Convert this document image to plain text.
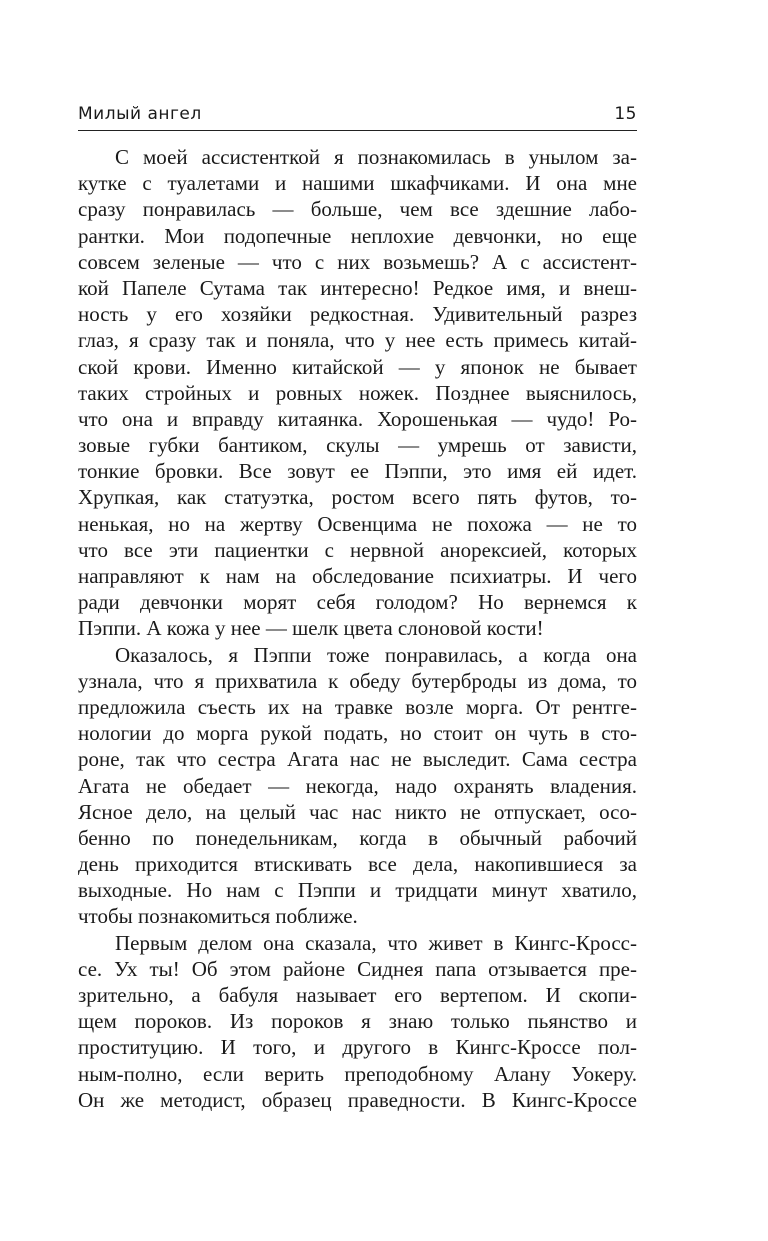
Милый ангел	15
С моей ассистенткой я познакомилась в унылом за-
кутке с туалетами и нашими шкафчиками. И она мне
сразу понравилась — больше, чем все здешние лабо-
рантки. Мои подопечные неплохие девчонки, но еще
совсем зеленые — что с них возьмешь? А с ассистент-
кой Папеле Сутама так интересно! Редкое имя, и внеш-
ность у его хозяйки редкостная. Удивительный разрез
глаз, я сразу так и поняла, что у нее есть примесь китай-
ской крови. Именно китайской — у японок не бывает
таких стройных и ровных ножек. Позднее выяснилось,
что она и вправду китаянка. Хорошенькая — чудо! Ро-
зовые губки бантиком, скулы — умрешь от зависти,
тонкие бровки. Все зовут ее Пэппи, это имя ей идет.
Хрупкая, как статуэтка, ростом всего пять футов, то-
ненькая, но на жертву Освенцима не похожа — не то
что все эти пациентки с нервной анорексией, которых
направляют к нам на обследование психиатры. И чего
ради девчонки морят себя голодом? Но вернемся к
Пэппи. А кожа у нее — шелк цвета слоновой кости!
Оказалось, я Пэппи тоже понравилась, а когда она
узнала, что я прихватила к обеду бутерброды из дома, то
предложила съесть их на травке возле морга. От рентге-
нологии до морга рукой подать, но стоит он чуть в сто-
роне, так что сестра Агата нас не выследит. Сама сестра
Агата не обедает — некогда, надо охранять владения.
Ясное дело, на целый час нас никто не отпускает, осо-
бенно по понедельникам, когда в обычный рабочий
день приходится втискивать все дела, накопившиеся за
выходные. Но нам с Пэппи и тридцати минут хватило,
чтобы познакомиться поближе.
Первым делом она сказала, что живет в Кингс-Кросс-
се. Ух ты! Об этом районе Сиднея папа отзывается пре-
зрительно, а бабуля называет его вертепом. И скопи-
щем пороков. Из пороков я знаю только пьянство и
проституцию. И того, и другого в Кингс-Кроссе пол-
ным-полно, если верить преподобному Алану Уокеру.
Он же методист, образец праведности. В Кингс-Кроссе
